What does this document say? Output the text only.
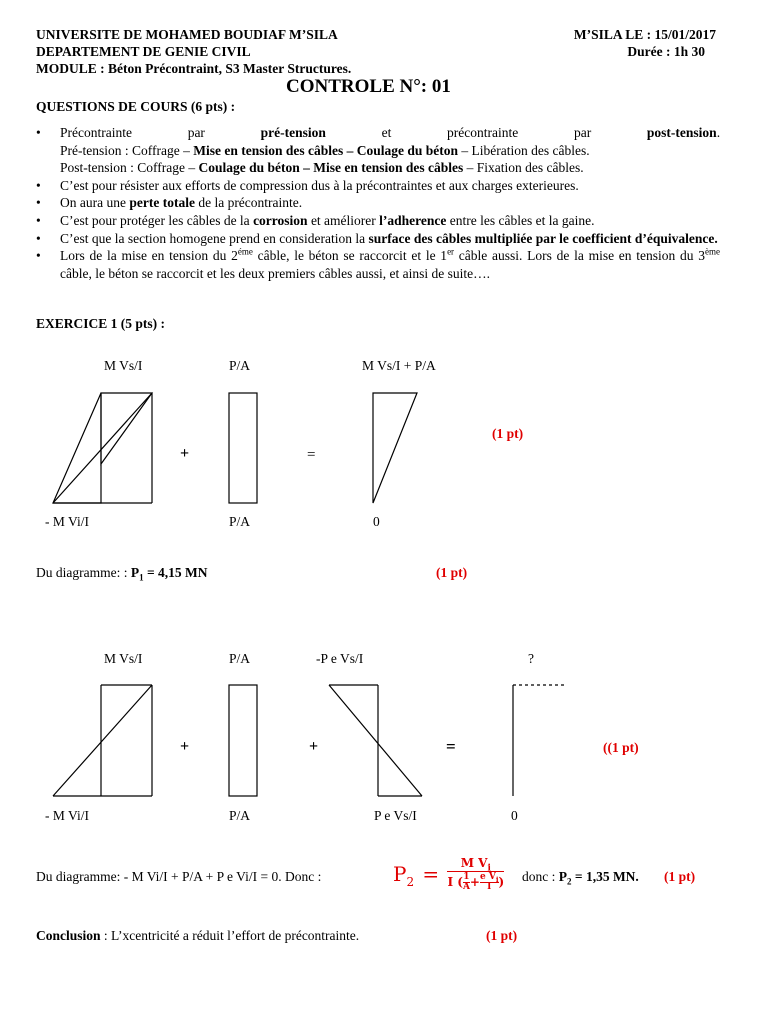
UNIVERSITE DE MOHAMED BOUDIAF M’SILA
DEPARTEMENT DE GENIE CIVIL
MODULE : Béton Précontraint, S3 Master Structures.
M’SILA LE : 15/01/2017
Durée : 1h 30
CONTROLE N°: 01
QUESTIONS DE COURS (6 pts) :
• Précontrainte	par	pré-tension	et	précontrainte	par	post-tension.
Pré-tension : Coffrage – Mise en tension des câbles – Coulage du béton – Libération des câbles.
Post-tension : Coffrage – Coulage du béton – Mise en tension des câbles – Fixation des câbles.
• C’est pour résister aux efforts de compression dus à la précontraintes et aux charges exterieures.
• On aura une perte totale de la précontrainte.
• C’est pour protéger les câbles de la corrosion et améliorer l’adherence entre les câbles et la gaine.
• C’est que la section homogene prend en consideration la surface des câbles multipliée par le coefficient d’équivalence.
• Lors de la mise en tension du $2^{éme}$ câble, le béton se raccorcit et le 1er câble aussi. Lors de la mise en tension du 3ème câble, le béton se raccorcit et les deux premiers câbles aussi, et ainsi de suite….
EXERCICE 1 (5 pts) :
M Vs/I	P/A	M Vs/I + P/A
- M Vi/I	P/A	0
+	=
(1 pt)
Du diagramme: : $P_1 = 4,15$ MN	(1 pt)
M Vs/I	P/A	-P e Vs/I	?
- M Vi/I	P/A	P e Vs/I	0
+	+	=	((1 pt)
Du diagramme: - M Vi/I + P/A + P e Vi/I = 0. Donc :	$P_2 = \frac{M V_i}{I ( \frac{1}{A} + \frac{e V_i}{I} )}$ donc : $P_2 = 1,35$ MN. (1 pt)
Conclusion : L’xcentricité a réduit l’effort de précontrainte.	(1 pt)
